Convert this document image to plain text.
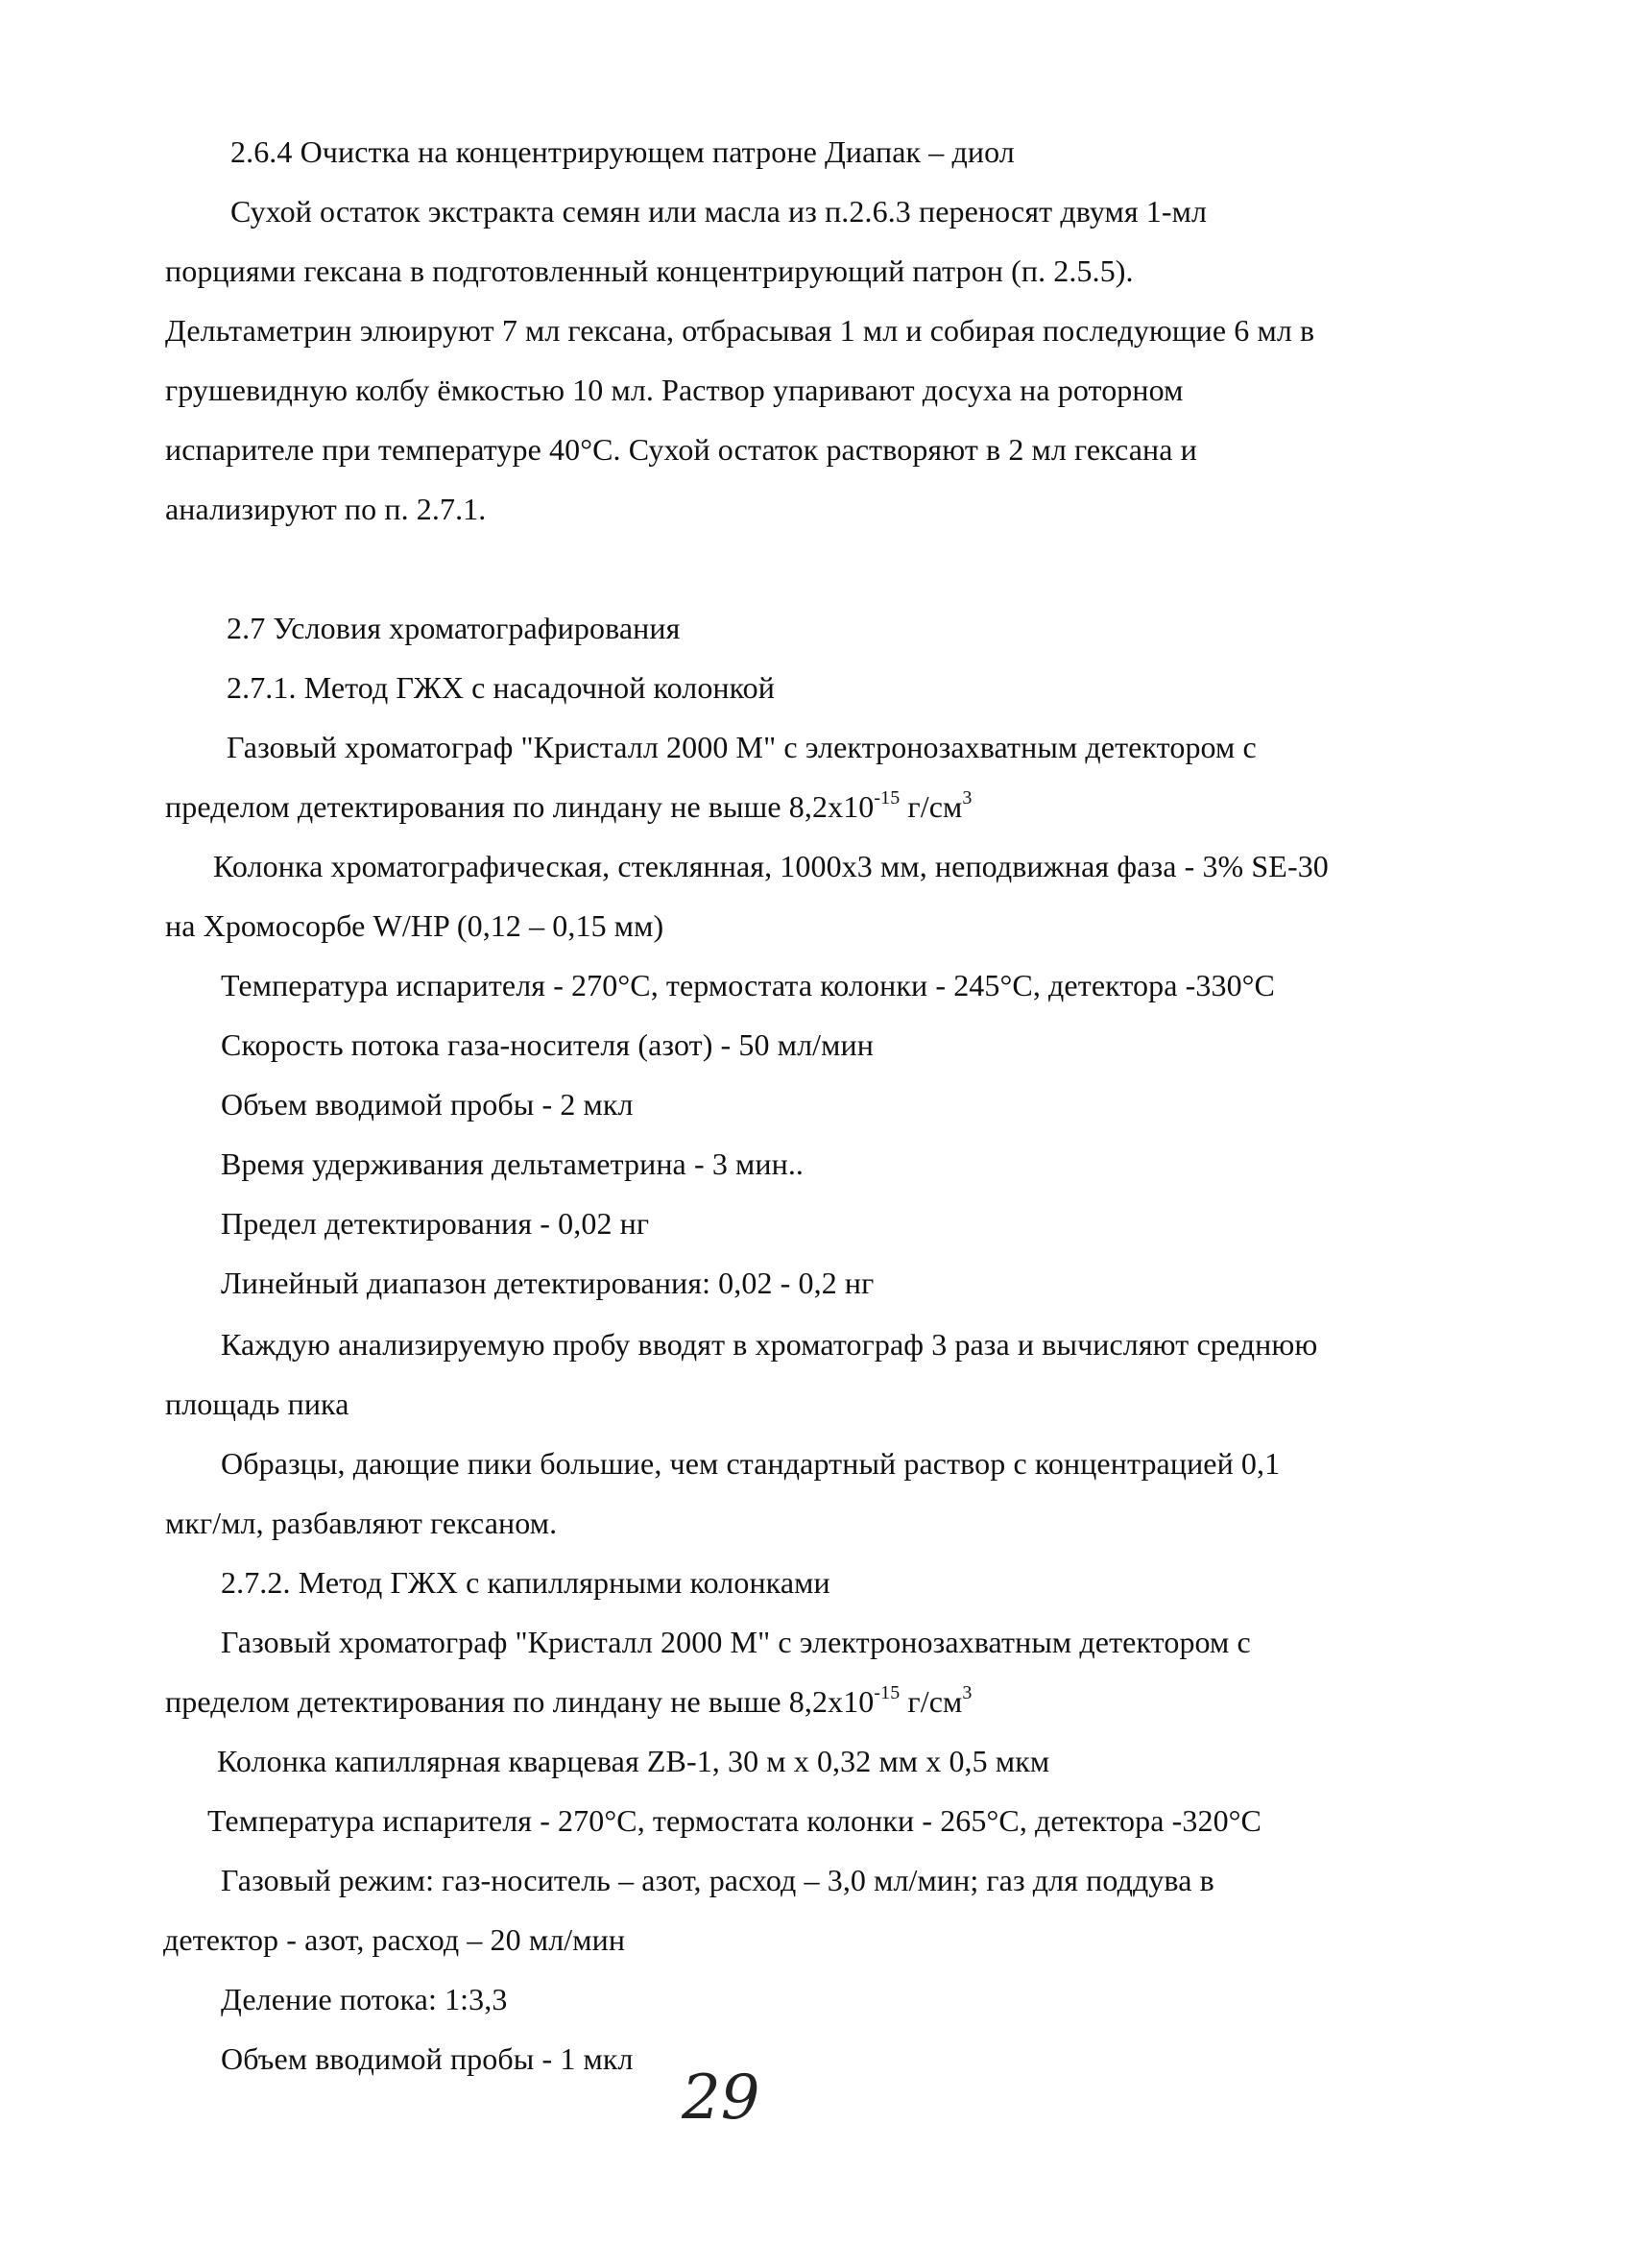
2.6.4 Очистка на концентрирующем патроне Диапак – диол
Сухой остаток экстракта семян или масла из п.2.6.3 переносят двумя 1-мл
порциями гексана в подготовленный концентрирующий патрон (п. 2.5.5).
Дельтаметрин элюируют 7 мл гексана, отбрасывая 1 мл и собирая последующие 6 мл в
грушевидную колбу ёмкостью 10 мл. Раствор упаривают досуха на роторном
испарителе при температуре 40°С. Сухой остаток растворяют в 2 мл гексана и
анализируют по п. 2.7.1.
2.7 Условия хроматографирования
2.7.1. Метод ГЖХ с насадочной колонкой
Газовый хроматограф "Кристалл 2000 М" с электронозахватным детектором с
пределом детектирования по линдану не выше $8,2х10^{-15}$ $г/см^3$
Колонка хроматографическая, стеклянная, 1000х3 мм, неподвижная фаза - 3% SE-30
на Хромосорбе W/HP (0,12 – 0,15 мм)
Температура испарителя - 270°С, термостата колонки - 245°С, детектора -330°С
Скорость потока газа-носителя (азот) - 50 мл/мин
Объем вводимой пробы - 2 мкл
Время удерживания дельтаметрина - 3 мин..
Предел детектирования - 0,02 нг
Линейный диапазон детектирования: 0,02 - 0,2 нг
Каждую анализируемую пробу вводят в хроматограф 3 раза и вычисляют среднюю
площадь пика
Образцы, дающие пики большие, чем стандартный раствор с концентрацией 0,1
мкг/мл, разбавляют гексаном.
2.7.2. Метод ГЖХ с капиллярными колонками
Газовый хроматограф "Кристалл 2000 М" с электронозахватным детектором с
пределом детектирования по линдану не выше $8,2х10^{-15}$ $г/см^3$
Колонка капиллярная кварцевая ZB-1, 30 м х 0,32 мм х 0,5 мкм
Температура испарителя - 270°С, термостата колонки - 265°С, детектора -320°С
Газовый режим: газ-носитель – азот, расход – 3,0 мл/мин; газ для поддува в
детектор - азот, расход – 20 мл/мин
Деление потока: 1:3,3
Объем вводимой пробы - 1 мкл
29
